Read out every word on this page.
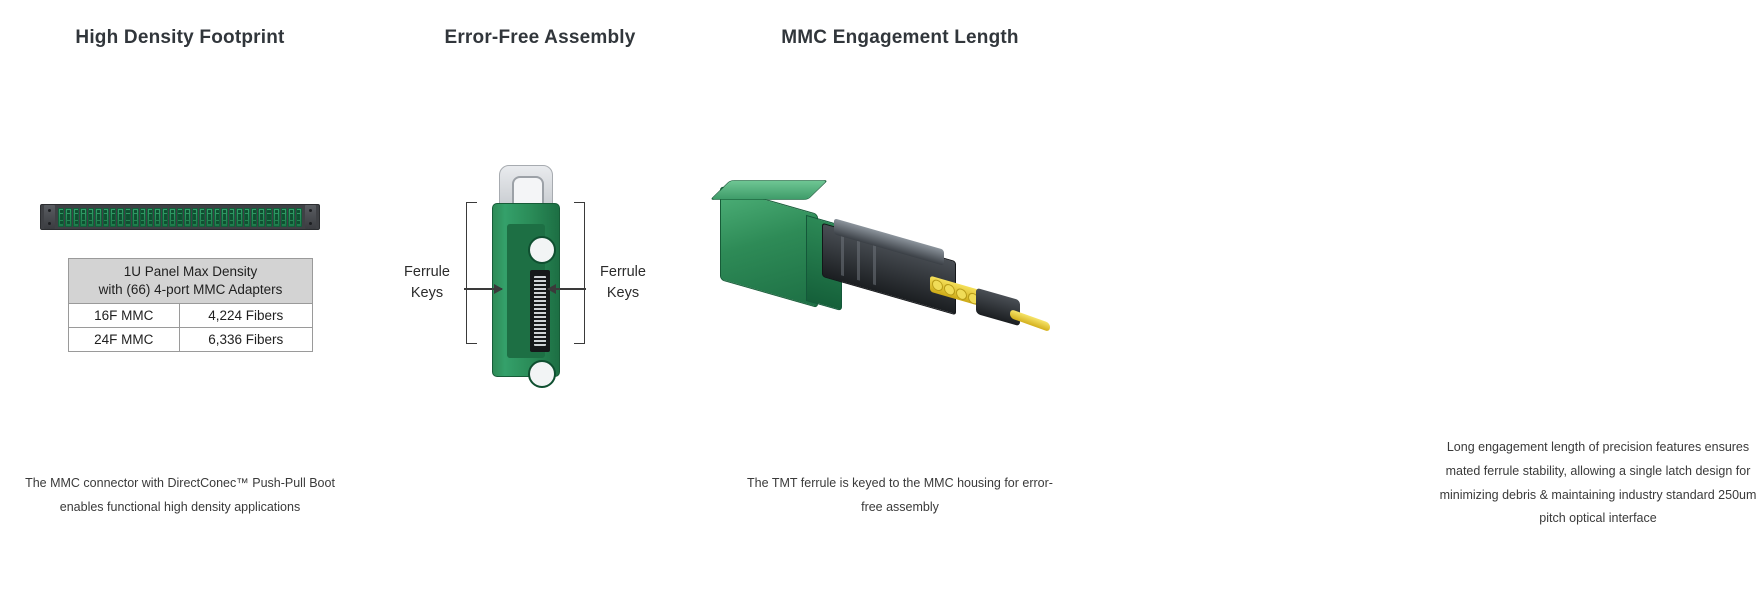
High Density Footprint
1U Panel Max Density
with (66) 4-port MMC Adapters	
16F MMC	4,224 Fibers
24F MMC	6,336 Fibers
The MMC connector with DirectConec™ Push-Pull Boot enables functional high density applications
Error-Free Assembly
The TMT ferrule is keyed to the MMC housing for error-free assembly
MMC Engagement Length
Long engagement length of precision features ensures mated ferrule stability, allowing a single latch design for minimizing debris & maintaining industry standard 250um pitch optical interface
Ferrule
Keys
Ferrule
Keys
